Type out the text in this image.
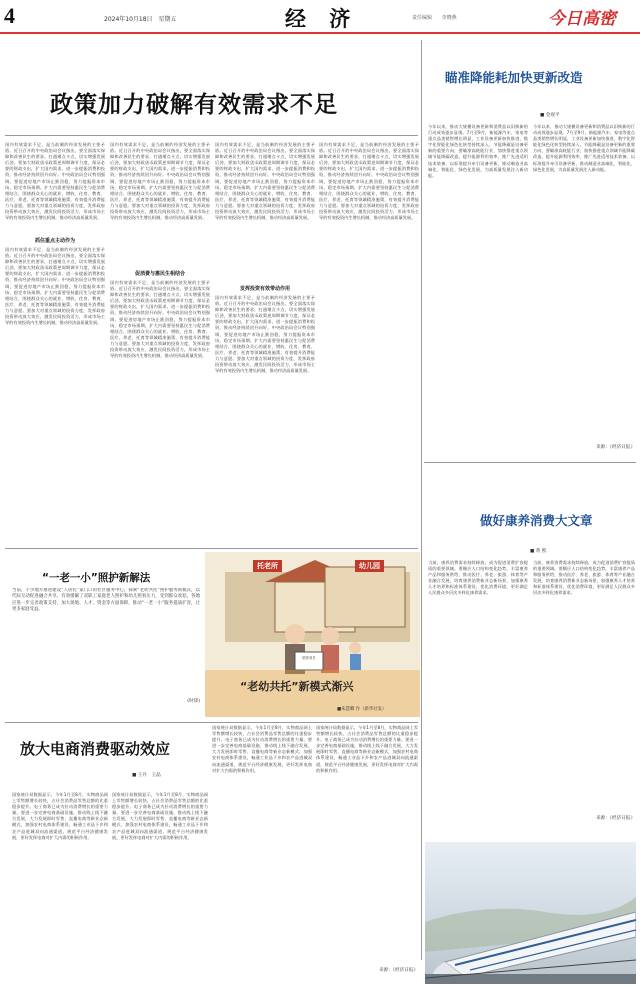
4	2024年10月18日　星期五	经 济	责任编辑 李晓燕	今日高密
政策加力破解有效需求不足
国内有效需求不足，是当前制约经济发展的主要矛盾。近日召开的中央政治局会议指出，要全面落实保障和改善民生的要求，打通堵点卡点，切实增强发展后劲，要加大财政货币政策逆周期调节力度，保证必要的财政支出，扩大国内需求，进一步提振消费和投资，推动经济持续回升向好。中央政治局会议特别强调，要促进房地产市场止跌回稳，努力提振资本市场，稳定市场预期。扩大内需要坚持惠民生与促消费相结合，围绕群众关心的就业、增收、住房、教育、医疗、养老、托育等领域精准施策，有效提升消费能力与意愿。要加大对重点领域的投资力度，发挥政府投资带动放大效应，激发民间投资活力，形成市场主导的有效投资内生增长机制，推动经济高质量发展。
抓住重点主动作为
国内有效需求不足，是当前制约经济发展的主要矛盾。近日召开的中央政治局会议指出，要全面落实保障和改善民生的要求，打通堵点卡点，切实增强发展后劲，要加大财政货币政策逆周期调节力度，保证必要的财政支出，扩大国内需求，进一步提振消费和投资，推动经济持续回升向好。中央政治局会议特别强调，要促进房地产市场止跌回稳，努力提振资本市场，稳定市场预期。扩大内需要坚持惠民生与促消费相结合，围绕群众关心的就业、增收、住房、教育、医疗、养老、托育等领域精准施策，有效提升消费能力与意愿。要加大对重点领域的投资力度，发挥政府投资带动放大效应，激发民间投资活力，形成市场主导的有效投资内生增长机制，推动经济高质量发展。
国内有效需求不足，是当前制约经济发展的主要矛盾。近日召开的中央政治局会议指出，要全面落实保障和改善民生的要求，打通堵点卡点，切实增强发展后劲，要加大财政货币政策逆周期调节力度，保证必要的财政支出，扩大国内需求，进一步提振消费和投资，推动经济持续回升向好。中央政治局会议特别强调，要促进房地产市场止跌回稳，努力提振资本市场，稳定市场预期。扩大内需要坚持惠民生与促消费相结合，围绕群众关心的就业、增收、住房、教育、医疗、养老、托育等领域精准施策，有效提升消费能力与意愿。要加大对重点领域的投资力度，发挥政府投资带动放大效应，激发民间投资活力，形成市场主导的有效投资内生增长机制，推动经济高质量发展。
促消费与惠民生相结合
国内有效需求不足，是当前制约经济发展的主要矛盾。近日召开的中央政治局会议指出，要全面落实保障和改善民生的要求，打通堵点卡点，切实增强发展后劲，要加大财政货币政策逆周期调节力度，保证必要的财政支出，扩大国内需求，进一步提振消费和投资，推动经济持续回升向好。中央政治局会议特别强调，要促进房地产市场止跌回稳，努力提振资本市场，稳定市场预期。扩大内需要坚持惠民生与促消费相结合，围绕群众关心的就业、增收、住房、教育、医疗、养老、托育等领域精准施策，有效提升消费能力与意愿。要加大对重点领域的投资力度，发挥政府投资带动放大效应，激发民间投资活力，形成市场主导的有效投资内生增长机制，推动经济高质量发展。
国内有效需求不足，是当前制约经济发展的主要矛盾。近日召开的中央政治局会议指出，要全面落实保障和改善民生的要求，打通堵点卡点，切实增强发展后劲，要加大财政货币政策逆周期调节力度，保证必要的财政支出，扩大国内需求，进一步提振消费和投资，推动经济持续回升向好。中央政治局会议特别强调，要促进房地产市场止跌回稳，努力提振资本市场，稳定市场预期。扩大内需要坚持惠民生与促消费相结合，围绕群众关心的就业、增收、住房、教育、医疗、养老、托育等领域精准施策，有效提升消费能力与意愿。要加大对重点领域的投资力度，发挥政府投资带动放大效应，激发民间投资活力，形成市场主导的有效投资内生增长机制，推动经济高质量发展。
发挥投资有效带动作用
国内有效需求不足，是当前制约经济发展的主要矛盾。近日召开的中央政治局会议指出，要全面落实保障和改善民生的要求，打通堵点卡点，切实增强发展后劲，要加大财政货币政策逆周期调节力度，保证必要的财政支出，扩大国内需求，进一步提振消费和投资，推动经济持续回升向好。中央政治局会议特别强调，要促进房地产市场止跌回稳，努力提振资本市场，稳定市场预期。扩大内需要坚持惠民生与促消费相结合，围绕群众关心的就业、增收、住房、教育、医疗、养老、托育等领域精准施策，有效提升消费能力与意愿。要加大对重点领域的投资力度，发挥政府投资带动放大效应，激发民间投资活力，形成市场主导的有效投资内生增长机制，推动经济高质量发展。
国内有效需求不足，是当前制约经济发展的主要矛盾。近日召开的中央政治局会议指出，要全面落实保障和改善民生的要求，打通堵点卡点，切实增强发展后劲，要加大财政货币政策逆周期调节力度，保证必要的财政支出，扩大国内需求，进一步提振消费和投资，推动经济持续回升向好。中央政治局会议特别强调，要促进房地产市场止跌回稳，努力提振资本市场，稳定市场预期。扩大内需要坚持惠民生与促消费相结合，围绕群众关心的就业、增收、住房、教育、医疗、养老、托育等领域精准施策，有效提升消费能力与意愿。要加大对重点领域的投资力度，发挥政府投资带动放大效应，激发民间投资活力，形成市场主导的有效投资内生增长机制，推动经济高质量发展。
瞄准降能耗加快更新改造
■ 金观平
今年以来，推动大规模设备更新和消费品以旧换新的行动成效逐步显现。7月至9月，新能源汽车、家电等重点品类销售增长明显，工业设备更新加快推进，数字化智能化绿色化转型持续深入。节能降碳是设备更新的重要方向，要瞄准高耗能行业，加快推进重点领域节能降碳改造，提升能源利用效率，推广先进适用技术装备，以标准提升牵引设备更新，推动制造业高端化、智能化、绿色化发展，为高质量发展注入新动能。
今年以来，推动大规模设备更新和消费品以旧换新的行动成效逐步显现。7月至9月，新能源汽车、家电等重点品类销售增长明显，工业设备更新加快推进，数字化智能化绿色化转型持续深入。节能降碳是设备更新的重要方向，要瞄准高耗能行业，加快推进重点领域节能降碳改造，提升能源利用效率，推广先进适用技术装备，以标准提升牵引设备更新，推动制造业高端化、智能化、绿色化发展，为高质量发展注入新动能。
来源：《经济日报》
做好康养消费大文章
■ 黄 熙
当前，康养消费需求持续释放，成为促进消费扩容提质的重要领域。要顺应人口结构变化趋势，丰富康养产品和服务供给，推动医疗、养老、旅游、体育等产业融合发展，培育康养消费新业态新场景，加强康养人才培养和标准体系建设，优化消费环境，更好满足人民群众多层次多样化康养需求。
当前，康养消费需求持续释放，成为促进消费扩容提质的重要领域。要顺应人口结构变化趋势，丰富康养产品和服务供给，推动医疗、养老、旅游、体育等产业融合发展，培育康养消费新业态新场景，加强康养人才培养和标准体系建设，优化消费环境，更好满足人民群众多层次多样化康养需求。
来源：《经济日报》
“一老一小”照护新解法
当前，不少地方推进建设“人居托”家门口的社区服务中心，探索“老幼共托”照护服务新模式，以代际互动促进融合共享，有效缓解了双职工家庭老人照护和幼儿照看压力，受到群众欢迎。各地应进一步完善政策支持，加大场地、人才、资金等方面保障，推动“一老一小”服务提质扩容，让更多家庭受益。
(时锋)
托老所	幼儿园
陪伴成长
“老幼共托”新模式渐兴
■朱慧卿 作（新华社发）
放大电商消费驱动效应
■ 王丹　王晶
国家统计局数据显示，今年1月至8月，实物商品网上零售额增长较快，占社会消费品零售总额的比重稳步提升。电子商务已成为拉动消费增长的重要力量。要进一步完善电商基础设施，推动线上线下融合发展，大力发展即时零售、直播电商等新业态新模式，加强农村电商体系建设，畅通工业品下乡和农产品进城双向流通渠道，规范平台经济健康发展，更好发挥电商对扩大内需的积极作用。
国家统计局数据显示，今年1月至8月，实物商品网上零售额增长较快，占社会消费品零售总额的比重稳步提升。电子商务已成为拉动消费增长的重要力量。要进一步完善电商基础设施，推动线上线下融合发展，大力发展即时零售、直播电商等新业态新模式，加强农村电商体系建设，畅通工业品下乡和农产品进城双向流通渠道，规范平台经济健康发展，更好发挥电商对扩大内需的积极作用。
国家统计局数据显示，今年1月至8月，实物商品网上零售额增长较快，占社会消费品零售总额的比重稳步提升。电子商务已成为拉动消费增长的重要力量。要进一步完善电商基础设施，推动线上线下融合发展，大力发展即时零售、直播电商等新业态新模式，加强农村电商体系建设，畅通工业品下乡和农产品进城双向流通渠道，规范平台经济健康发展，更好发挥电商对扩大内需的积极作用。
国家统计局数据显示，今年1月至8月，实物商品网上零售额增长较快，占社会消费品零售总额的比重稳步提升。电子商务已成为拉动消费增长的重要力量。要进一步完善电商基础设施，推动线上线下融合发展，大力发展即时零售、直播电商等新业态新模式，加强农村电商体系建设，畅通工业品下乡和农产品进城双向流通渠道，规范平台经济健康发展，更好发挥电商对扩大内需的积极作用。
来源：《经济日报》
